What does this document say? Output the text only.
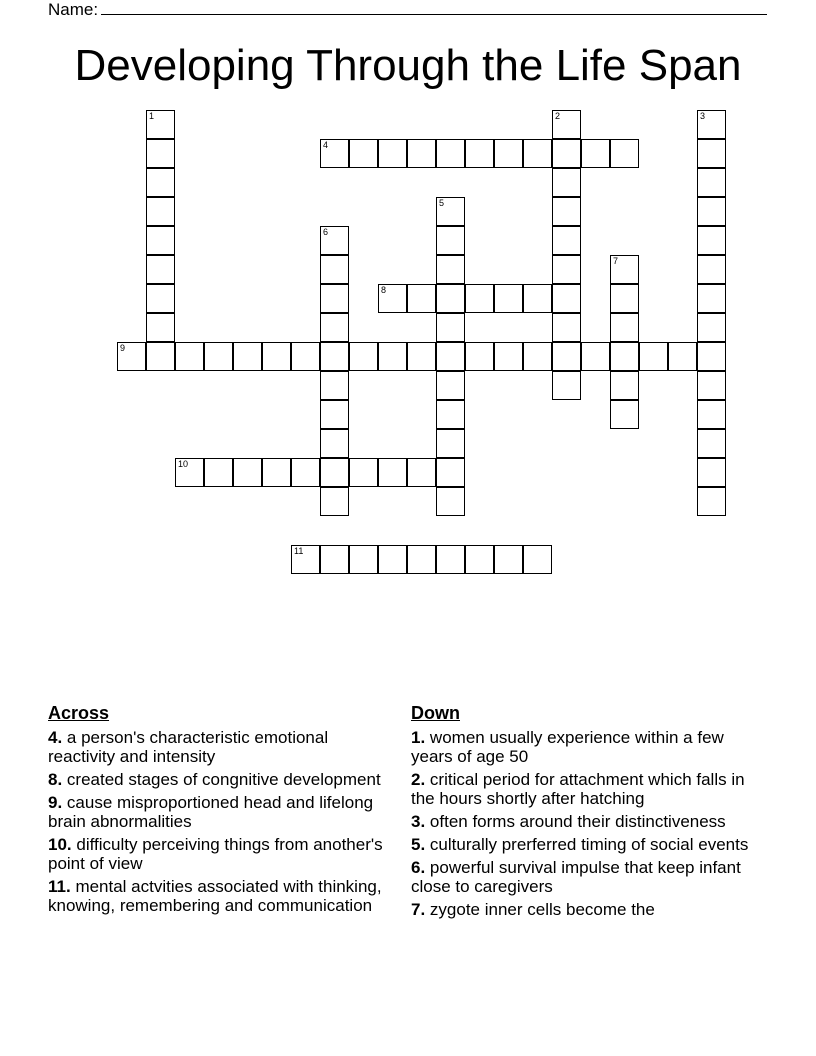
Name:
Developing Through the Life Span
1	2	3
4
5
6
7
8
9
10
11
Across
4. a person's characteristic emotional reactivity and intensity
8. created stages of congnitive development
9. cause misproportioned head and lifelong brain abnormalities
10. difficulty perceiving things from another's point of view
11. mental actvities associated with thinking, knowing, remembering and communication
Down
1. women usually experience within a few years of age 50
2. critical period for attachment which falls in the hours shortly after hatching
3. often forms around their distinctiveness
5. culturally prerferred timing of social events
6. powerful survival impulse that keep infant close to caregivers
7. zygote inner cells become the
